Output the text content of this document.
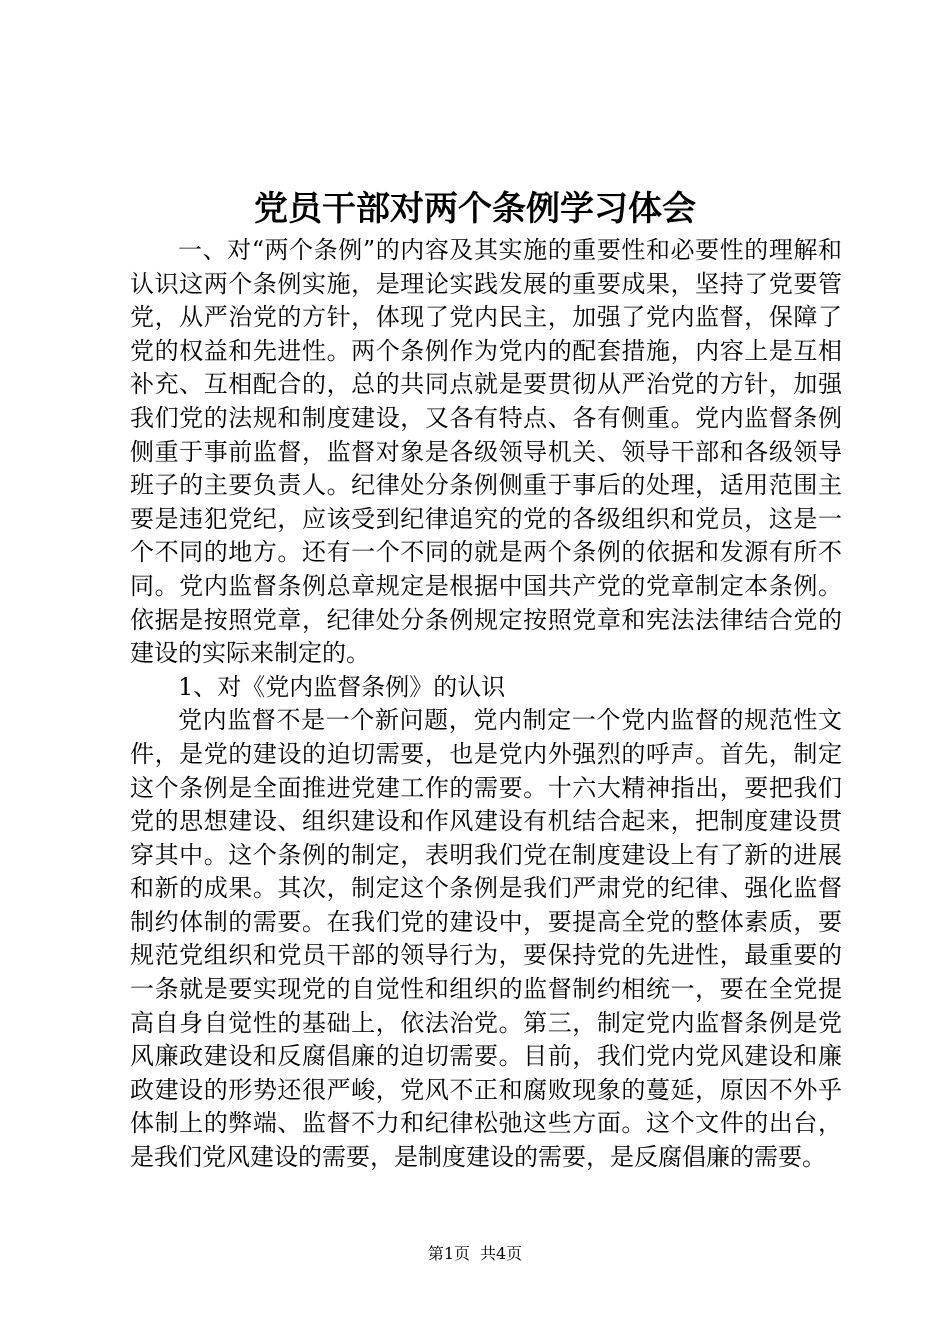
党员干部对两个条例学习体会

一、对“两个条例”的内容及其实施的重要性和必要性的理解和认识这两个条例实施，是理论实践发展的重要成果，坚持了党要管党，从严治党的方针，体现了党内民主，加强了党内监督，保障了党的权益和先进性。两个条例作为党内的配套措施，内容上是互相补充、互相配合的，总的共同点就是要贯彻从严治党的方针，加强我们党的法规和制度建设，又各有特点、各有侧重。党内监督条例侧重于事前监督，监督对象是各级领导机关、领导干部和各级领导班子的主要负责人。纪律处分条例侧重于事后的处理，适用范围主要是违犯党纪，应该受到纪律追究的党的各级组织和党员，这是一个不同的地方。还有一个不同的就是两个条例的依据和发源有所不同。党内监督条例总章规定是根据中国共产党的党章制定本条例。依据是按照党章，纪律处分条例规定按照党章和宪法法律结合党的建设的实际来制定的。

1、对《党内监督条例》的认识

党内监督不是一个新问题，党内制定一个党内监督的规范性文件，是党的建设的迫切需要，也是党内外强烈的呼声。首先，制定这个条例是全面推进党建工作的需要。十六大精神指出，要把我们党的思想建设、组织建设和作风建设有机结合起来，把制度建设贯穿其中。这个条例的制定，表明我们党在制度建设上有了新的进展和新的成果。其次，制定这个条例是我们严肃党的纪律、强化监督制约体制的需要。在我们党的建设中，要提高全党的整体素质，要规范党组织和党员干部的领导行为，要保持党的先进性，最重要的一条就是要实现党的自觉性和组织的监督制约相统一，要在全党提高自身自觉性的基础上，依法治党。第三，制定党内监督条例是党风廉政建设和反腐倡廉的迫切需要。目前，我们党内党风建设和廉政建设的形势还很严峻，党风不正和腐败现象的蔓延，原因不外乎体制上的弊端、监督不力和纪律松弛这些方面。这个文件的出台，是我们党风建设的需要，是制度建设的需要，是反腐倡廉的需要。

第1页 共4页
